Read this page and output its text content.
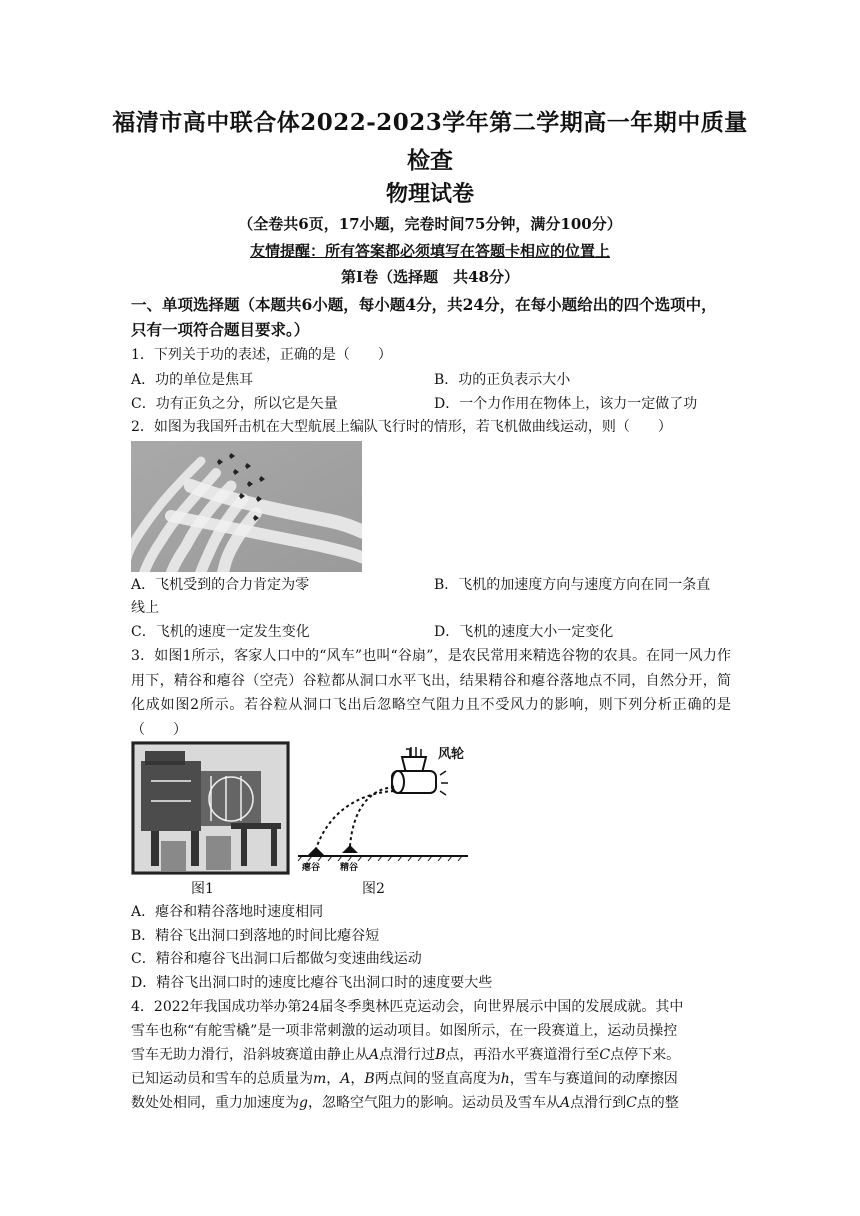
福清市高中联合体2022-2023学年第二学期高一年期中质量
检查
物理试卷
（全卷共6页，17小题，完卷时间75分钟，满分100分）
友情提醒：所有答案都必须填写在答题卡相应的位置上
第Ⅰ卷（选择题　共48分）
一、单项选择题（本题共6小题，每小题4分，共24分，在每小题给出的四个选项中，只有一项符合题目要求。）
1．下列关于功的表述，正确的是（　　）
A．功的单位是焦耳	B．功的正负表示大小
C．功有正负之分，所以它是矢量	D．一个力作用在物体上，该力一定做了功
2．如图为我国歼击机在大型航展上编队飞行时的情形，若飞机做曲线运动，则（　　）
A．飞机受到的合力肯定为零	B．飞机的加速度方向与速度方向在同一条直
线上
C．飞机的速度一定发生变化	D．飞机的速度大小一定变化
3．如图1所示，客家人口中的“风车”也叫“谷扇”，是农民常用来精选谷物的农具。在同一风力作用下，精谷和瘪谷（空壳）谷粒都从洞口水平飞出，结果精谷和瘪谷落地点不同，自然分开，简化成如图2所示。若谷粒从洞口飞出后忽略空气阻力且不受风力的影响，则下列分析正确的是（　　）
风轮
瘪谷 精谷
图1	图2
A．瘪谷和精谷落地时速度相同
B．精谷飞出洞口到落地的时间比瘪谷短
C．精谷和瘪谷飞出洞口后都做匀变速曲线运动
D．精谷飞出洞口时的速度比瘪谷飞出洞口时的速度要大些
4．2022年我国成功举办第24届冬季奥林匹克运动会，向世界展示中国的发展成就。其中
雪车也称“有舵雪橇”是一项非常刺激的运动项目。如图所示，在一段赛道上，运动员操控
雪车无助力滑行，沿斜坡赛道由静止从A点滑行过B点，再沿水平赛道滑行至C点停下来。
已知运动员和雪车的总质量为m，A，B两点间的竖直高度为h，雪车与赛道间的动摩擦因
数处处相同，重力加速度为g，忽略空气阻力的影响。运动员及雪车从A点滑行到C点的整
